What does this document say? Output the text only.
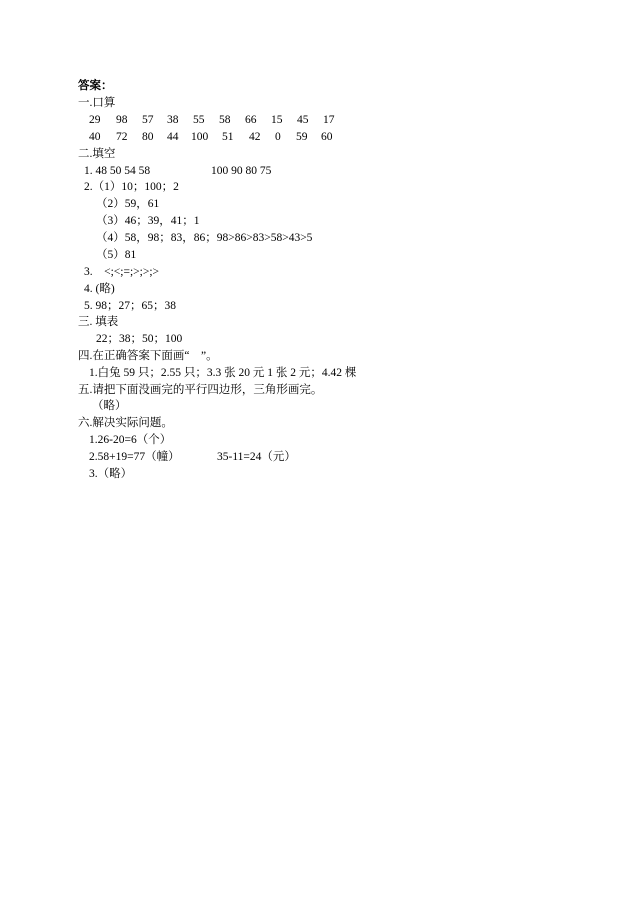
答案：
一.口算
29 98 57 38 55 58 66 15 45 17
40 72 80 44 100 51 42 0 59 60
二.填空
1. 48 50 54 58	100 90 80 75
2.（1）10；100；2
（2）59，61
（3）46；39，41；1
（4）58，98；83，86；98>86>83>58>43>5
（5）81
3.　<;<;=;>;>;>
4. (略)
5. 98；27；65；38
三. 填表
22；38；50；100
四.在正确答案下面画“　”。
1.白兔 59 只；2.55 只；3.3 张 20 元 1 张 2 元；4.42 棵
五.请把下面没画完的平行四边形，三角形画完。
（略）
六.解决实际问题。
1.26-20=6（个）
2.58+19=77（幢）	35-11=24（元）
3.（略）
